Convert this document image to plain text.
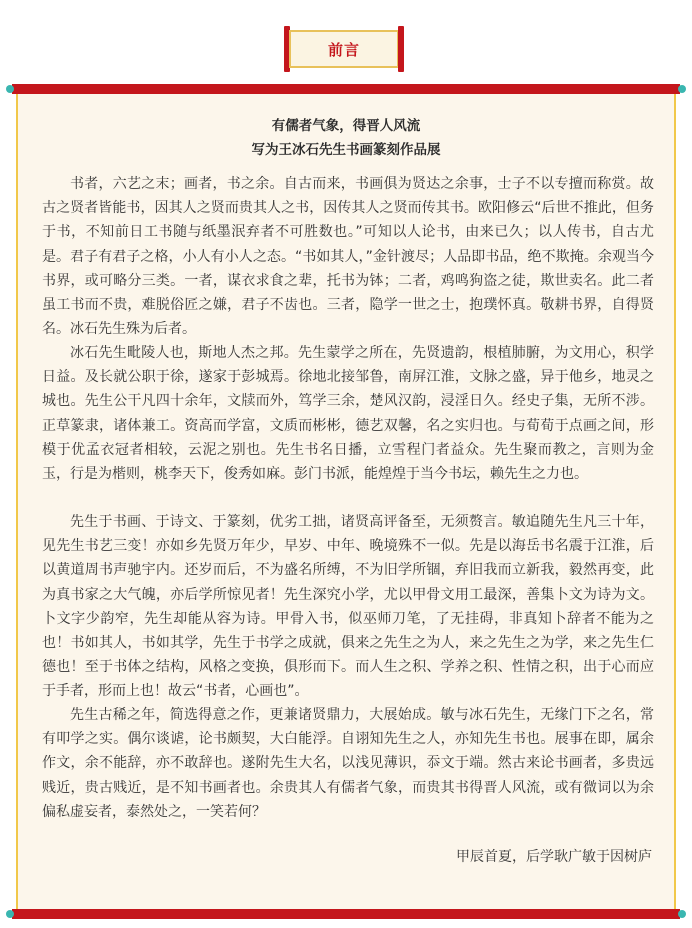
前言
有儒者气象，得晋人风流
写为王冰石先生书画篆刻作品展

书者，六艺之末；画者，书之余。自古而来，书画俱为贤达之余事，士子不以专擅而称赏。故古之贤者皆能书，因其人之贤而贵其人之书，因传其人之贤而传其书。欧阳修云“后世不推此，但务于书，不知前日工书随与纸墨泯弃者不可胜数也。”可知以人论书，由来已久；以人传书，自古尤是。君子有君子之格，小人有小人之态。“书如其人，”金针渡尽；人品即书品，绝不欺掩。余观当今书界，或可略分三类。一者，谋衣求食之辈，托书为钵；二者，鸡鸣狗盗之徒，欺世卖名。此二者虽工书而不贵，难脱俗匠之嫌，君子不齿也。三者，隐学一世之士，抱璞怀真。敬耕书界，自得贤名。冰石先生殊为后者。

冰石先生毗陵人也，斯地人杰之邦。先生蒙学之所在，先贤遗韵，根植肺腑，为文用心，积学日益。及长就公职于徐，遂家于彭城焉。徐地北接邹鲁，南屏江淮，文脉之盛，异于他乡，地灵之城也。先生公干凡四十余年，文牍而外，笃学三余，楚风汉韵，浸淫日久。经史子集，无所不涉。正草篆隶，诸体兼工。资高而学富，文质而彬彬，德艺双馨，名之实归也。与荀荀于点画之间，形模于优孟衣冠者相较，云泥之别也。先生书名日播，立雪程门者益众。先生聚而教之，言则为金玉，行是为楷则，桃李天下，俊秀如麻。彭门书派，能煌煌于当今书坛，赖先生之力也。

先生于书画、于诗文、于篆刻，优劣工拙，诸贤高评备至，无须赘言。敏追随先生凡三十年，见先生书艺三变！亦如乡先贤万年少，早岁、中年、晚境殊不一似。先是以海岳书名震于江淮，后以黄道周书声驰宇内。还岁而后，不为盛名所缚，不为旧学所锢，弃旧我而立新我，毅然再变，此为真书家之大气魄，亦后学所惊见者！先生深究小学，尤以甲骨文用工最深，善集卜文为诗为文。卜文字少韵窄，先生却能从容为诗。甲骨入书，似巫师刀笔，了无挂碍，非真知卜辞者不能为之也！书如其人，书如其学，先生于书学之成就，俱来之先生之为人，来之先生之为学，来之先生仁德也！至于书体之结构，风格之变换，俱形而下。而人生之积、学养之积、性情之积，出于心而应于手者，形而上也！故云“书者，心画也”。

先生古稀之年，简选得意之作，更兼诸贤鼎力，大展始成。敏与冰石先生，无缘门下之名，常有叩学之实。偶尔谈谑，论书颇契，大白能浮。自诩知先生之人，亦知先生书也。展事在即，属余作文，余不能辞，亦不敢辞也。遂附先生大名，以浅见薄识，忝文于端。然古来论书画者，多贵远贱近，贵古贱近，是不知书画者也。余贵其人有儒者气象，而贵其书得晋人风流，或有微词以为余偏私虚妄者，泰然处之，一笑若何？

甲辰首夏，后学耿广敏于因树庐
